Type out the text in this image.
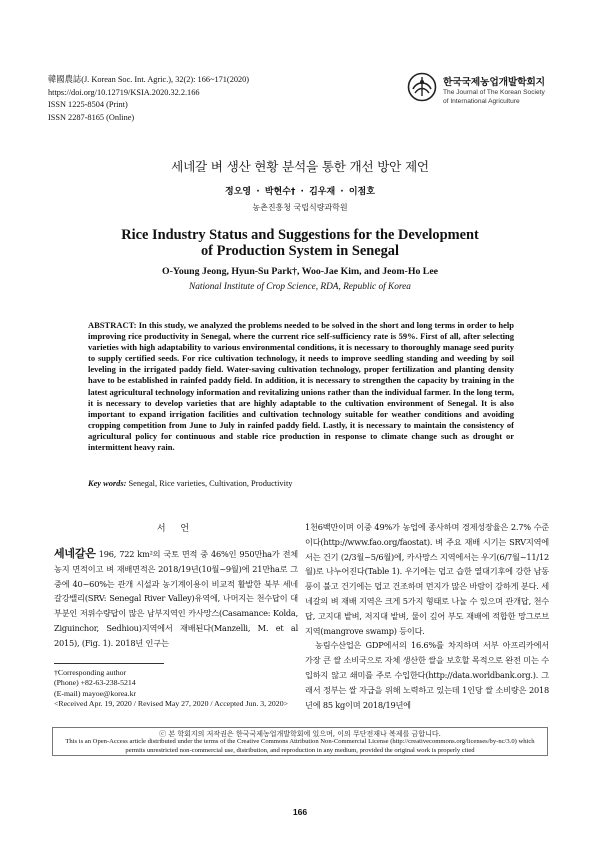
韓國農誌(J. Korean Soc. Int. Agric.), 32(2): 166~171(2020)
https://doi.org/10.12719/KSIA.2020.32.2.166
ISSN 1225-8504 (Print)
ISSN 2287-8165 (Online)
한국국제농업개발학회지
The Journal of The Korean Society
of International Agriculture
세네갈 벼 생산 현황 분석을 통한 개선 방안 제언
정오영 · 박현수† · 김우재 · 이점호
농촌진흥청 국립식량과학원
Rice Industry Status and Suggestions for the Development
of Production System in Senegal
O-Young Jeong, Hyun-Su Park†, Woo-Jae Kim, and Jeom-Ho Lee
National Institute of Crop Science, RDA, Republic of Korea
ABSTRACT: In this study, we analyzed the problems needed to be solved in the short and long terms in order to help improving rice productivity in Senegal, where the current rice self-sufficiency rate is 59%. First of all, after selecting varieties with high adaptability to various environmental conditions, it is necessary to thoroughly manage seed purity to supply certified seeds. For rice cultivation technology, it needs to improve seedling standing and weeding by soil leveling in the irrigated paddy field. Water-saving cultivation technology, proper fertilization and planting density have to be established in rainfed paddy field. In addition, it is necessary to strengthen the capacity by training in the latest agricultural technology information and revitalizing unions rather than the individual farmer. In the long term, it is necessary to develop varieties that are highly adaptable to the cultivation environment of Senegal. It is also important to expand irrigation facilities and cultivation technology suitable for weather conditions and avoiding cropping competition from June to July in rainfed paddy field. Lastly, it is necessary to maintain the consistency of agricultural policy for continuous and stable rice production in response to climate change such as drought or intermittent heavy rain.
Key words: Senegal, Rice varieties, Cultivation, Productivity
서 언

세네갈은 196, 722 km²의 국토 면적 중 46%인 950만ha가 전체 농지 면적이고 벼 재배면적은 2018/19년(10월~9월)에 21만ha로 그 중에 40~60%는 관개 시설과 농기계이용이 비교적 활발한 북부 세네갈강밸리(SRV: Senegal River Valley)유역에, 나머지는 천수답이 대부분인 저위수량답이 많은 남부지역인 카사망스(Casamance: Kolda, Ziguinchor, Sedhiou)지역에서 재배된다(Manzelli, M. et al 2015), (Fig. 1). 2018년 인구는

1천6백만이며 이중 49%가 농업에 종사하며 경제성장율은 2.7% 수준이다(http://www.fao.org/faostat). 벼 주요 재배 시기는 SRV지역에서는 건기 (2/3월~5/6월)에, 카사망스 지역에서는 우기(6/7월~11/12월)로 나누어진다(Table 1). 우기에는 덥고 습한 열대기후에 강한 남동풍이 불고 건기에는 덥고 건조하며 먼지가 많은 바람이 강하게 분다. 세네갈의 벼 재배 지역은 크게 5가지 형태로 나눌 수 있으며 관개답, 천수답, 고지대 밭벼, 저지대 밭벼, 물이 깊어 부도 재배에 적합한 망그로브 지역(mangrove swamp) 등이다.

농림수산업은 GDP에서의 16.6%를 차지하며 서부 아프리카에서 가장 큰 쌀 소비국으로 자체 생산한 쌀을 보호할 목적으로 완전 미는 수입하지 않고 쇄미를 주로 수입한다(http://data.worldbank.org.). 그래서 정부는 쌀 자급을 위해 노력하고 있는데 1인당 쌀 소비량은 2018년에 85 kg이며 2018/19년에

†Corresponding author
(Phone) +82-63-238-5214
(E-mail) mayoe@korea.kr
<Received Apr. 19, 2020 / Revised May 27, 2020 / Accepted Jun. 3, 2020>
ⓒ 본 학회지의 저작권은 한국국제농업개발학회에 있으며, 이의 무단전재나 복제를 금합니다.
This is an Open-Access article distributed under the terms of the Creative Commons Attribution Non-Commercial License (http://creativecommons.org/licenses/by-nc/3.0) which
permits unrestricted non-commercial use, distribution, and reproduction in any medium, provided the original work is properly cited
166
